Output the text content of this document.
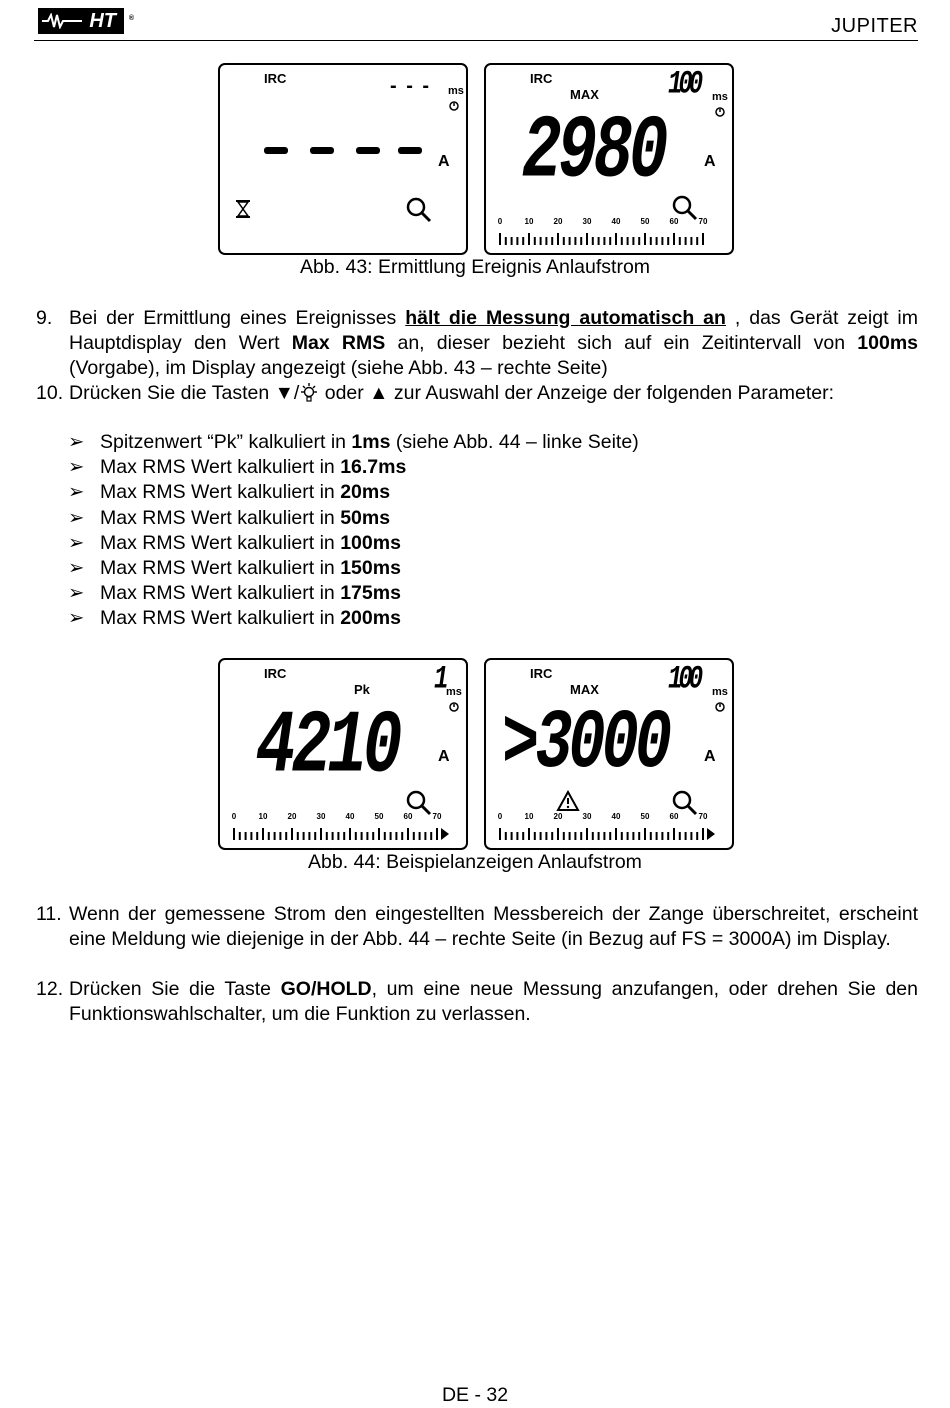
HT ®	JUPITER
IRC	- - - ms
A
IRC
MAX	100 ms
2980 A
0	10	20	30	40	50	60	70
Abb. 43: Ermittlung Ereignis Anlaufstrom
9. Bei der Ermittlung eines Ereignisses hält die Messung automatisch an , das Gerät zeigt im Hauptdisplay den Wert Max RMS an, dieser bezieht sich auf ein Zeitintervall von 100ms (Vorgabe), im Display angezeigt (siehe Abb. 43 – rechte Seite)
10. Drücken Sie die Tasten ▼/ oder ▲ zur Auswahl der Anzeige der folgenden Parameter:
➢ Spitzenwert “Pk” kalkuliert in 1ms (siehe Abb. 44 – linke Seite)
➢ Max RMS Wert kalkuliert in 16.7ms
➢ Max RMS Wert kalkuliert in 20ms
➢ Max RMS Wert kalkuliert in 50ms
➢ Max RMS Wert kalkuliert in 100ms
➢ Max RMS Wert kalkuliert in 150ms
➢ Max RMS Wert kalkuliert in 175ms
➢ Max RMS Wert kalkuliert in 200ms
IRC
Pk	1 ms
4210 A
0	10	20	30	40	50	60	70
IRC
MAX	100 ms
>3000 A
0	10	20	30	40	50	60	70
Abb. 44: Beispielanzeigen Anlaufstrom
11. Wenn der gemessene Strom den eingestellten Messbereich der Zange überschreitet, erscheint eine Meldung wie diejenige in der Abb. 44 – rechte Seite (in Bezug auf FS = 3000A) im Display.
12. Drücken Sie die Taste GO/HOLD, um eine neue Messung anzufangen, oder drehen Sie den Funktionswahlschalter, um die Funktion zu verlassen.
DE - 32
